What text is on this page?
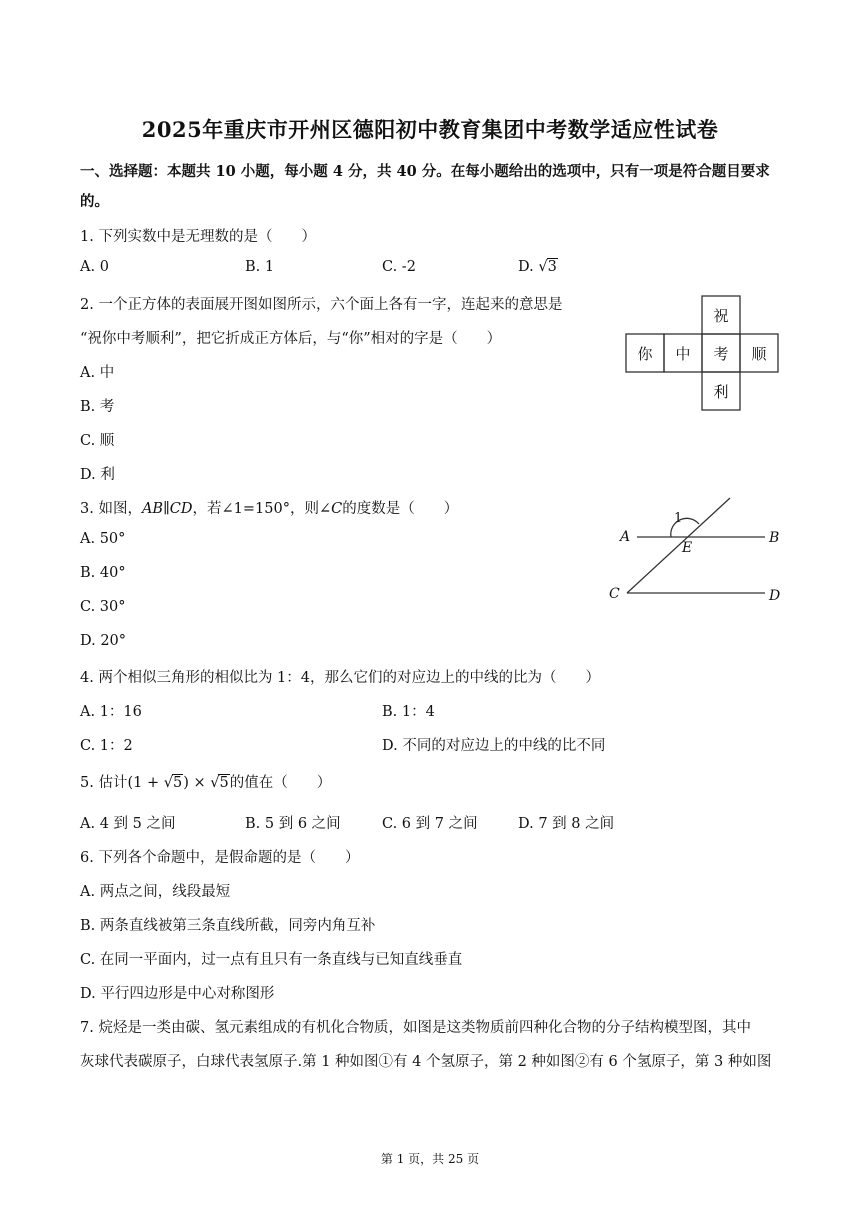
2025年重庆市开州区德阳初中教育集团中考数学适应性试卷
一、选择题：本题共 10 小题，每小题 4 分，共 40 分。在每小题给出的选项中，只有一项是符合题目要求
的。
1. 下列实数中是无理数的是（　　）
A. 0	B. 1	C. -2	D. √3
2. 一个正方体的表面展开图如图所示，六个面上各有一字，连起来的意思是
“祝你中考顺利”，把它折成正方体后，与“你”相对的字是（　　）
A. 中
B. 考
C. 顺
D. 利
祝
你 中 考 顺
利
3. 如图，AB∥CD，若∠1=150°，则∠C的度数是（　　）
A. 50°
B. 40°
C. 30°
D. 20°
A	B
C	D
E
1
4. 两个相似三角形的相似比为 1：4，那么它们的对应边上的中线的比为（　　）
A. 1：16	B. 1：4
C. 1：2	D. 不同的对应边上的中线的比不同
5. 估计(1 + √5) × √5的值在（　　）
A. 4 到 5 之间	B. 5 到 6 之间	C. 6 到 7 之间	D. 7 到 8 之间
6. 下列各个命题中，是假命题的是（　　）
A. 两点之间，线段最短
B. 两条直线被第三条直线所截，同旁内角互补
C. 在同一平面内，过一点有且只有一条直线与已知直线垂直
D. 平行四边形是中心对称图形
7. 烷烃是一类由碳、氢元素组成的有机化合物质，如图是这类物质前四种化合物的分子结构模型图，其中
灰球代表碳原子，白球代表氢原子.第 1 种如图①有 4 个氢原子，第 2 种如图②有 6 个氢原子，第 3 种如图
第 1 页，共 25 页
